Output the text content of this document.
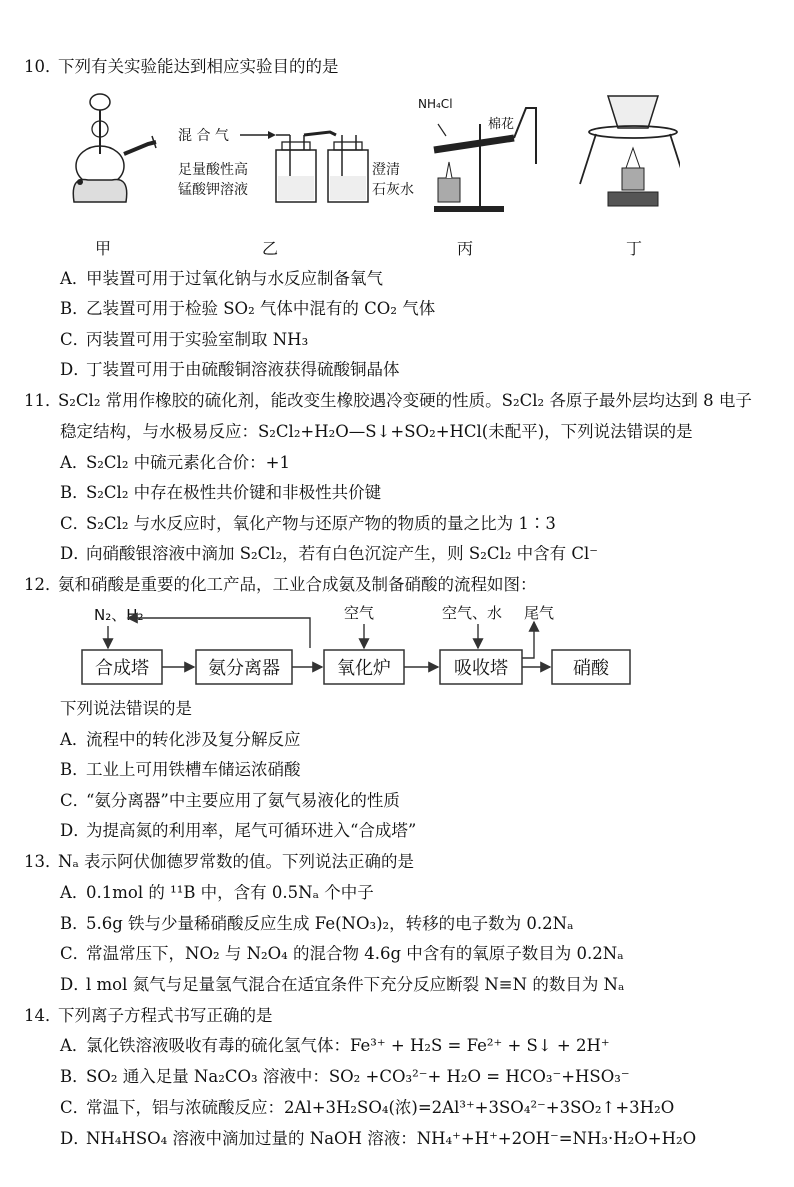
10．下列有关实验能达到相应实验目的的是
混 合 气
足量酸性高
锰酸钾溶液
澄清
石灰水
NH₄Cl
棉花
甲	乙	丙	丁
A．甲装置可用于过氧化钠与水反应制备氧气
B．乙装置可用于检验 SO₂ 气体中混有的 CO₂ 气体
C．丙装置可用于实验室制取 NH₃
D．丁装置可用于由硫酸铜溶液获得硫酸铜晶体
11．S₂Cl₂ 常用作橡胶的硫化剂，能改变生橡胶遇冷变硬的性质。S₂Cl₂ 各原子最外层均达到 8 电子
稳定结构，与水极易反应：S₂Cl₂+H₂O—S↓+SO₂+HCl(未配平)，下列说法错误的是
A．S₂Cl₂ 中硫元素化合价：+1
B．S₂Cl₂ 中存在极性共价键和非极性共价键
C．S₂Cl₂ 与水反应时，氧化产物与还原产物的物质的量之比为 1∶3
D．向硝酸银溶液中滴加 S₂Cl₂，若有白色沉淀产生，则 S₂Cl₂ 中含有 Cl⁻
12．氨和硝酸是重要的化工产品，工业合成氨及制备硝酸的流程如图：
N₂、H₂	空气	空气、水 尾气
合成塔	氨分离器	氧化炉	吸收塔	硝酸
下列说法错误的是
A．流程中的转化涉及复分解反应
B．工业上可用铁槽车储运浓硝酸
C．“氨分离器”中主要应用了氨气易液化的性质
D．为提高氮的利用率，尾气可循环进入“合成塔”
13．Nₐ 表示阿伏伽德罗常数的值。下列说法正确的是
A．0.1mol 的 ¹¹B 中，含有 0.5Nₐ 个中子
B．5.6g 铁与少量稀硝酸反应生成 Fe(NO₃)₂，转移的电子数为 0.2Nₐ
C．常温常压下，NO₂ 与 N₂O₄ 的混合物 4.6g 中含有的氧原子数目为 0.2Nₐ
D．l mol 氮气与足量氢气混合在适宜条件下充分反应断裂 N≡N 的数目为 Nₐ
14．下列离子方程式书写正确的是
A．氯化铁溶液吸收有毒的硫化氢气体：Fe³⁺ + H₂S = Fe²⁺ + S↓ + 2H⁺
B．SO₂ 通入足量 Na₂CO₃ 溶液中：SO₂ +CO₃²⁻+ H₂O = HCO₃⁻+HSO₃⁻
C．常温下，铝与浓硫酸反应：2Al+3H₂SO₄(浓)=2Al³⁺+3SO₄²⁻+3SO₂↑+3H₂O
D．NH₄HSO₄ 溶液中滴加过量的 NaOH 溶液：NH₄⁺+H⁺+2OH⁻=NH₃·H₂O+H₂O
